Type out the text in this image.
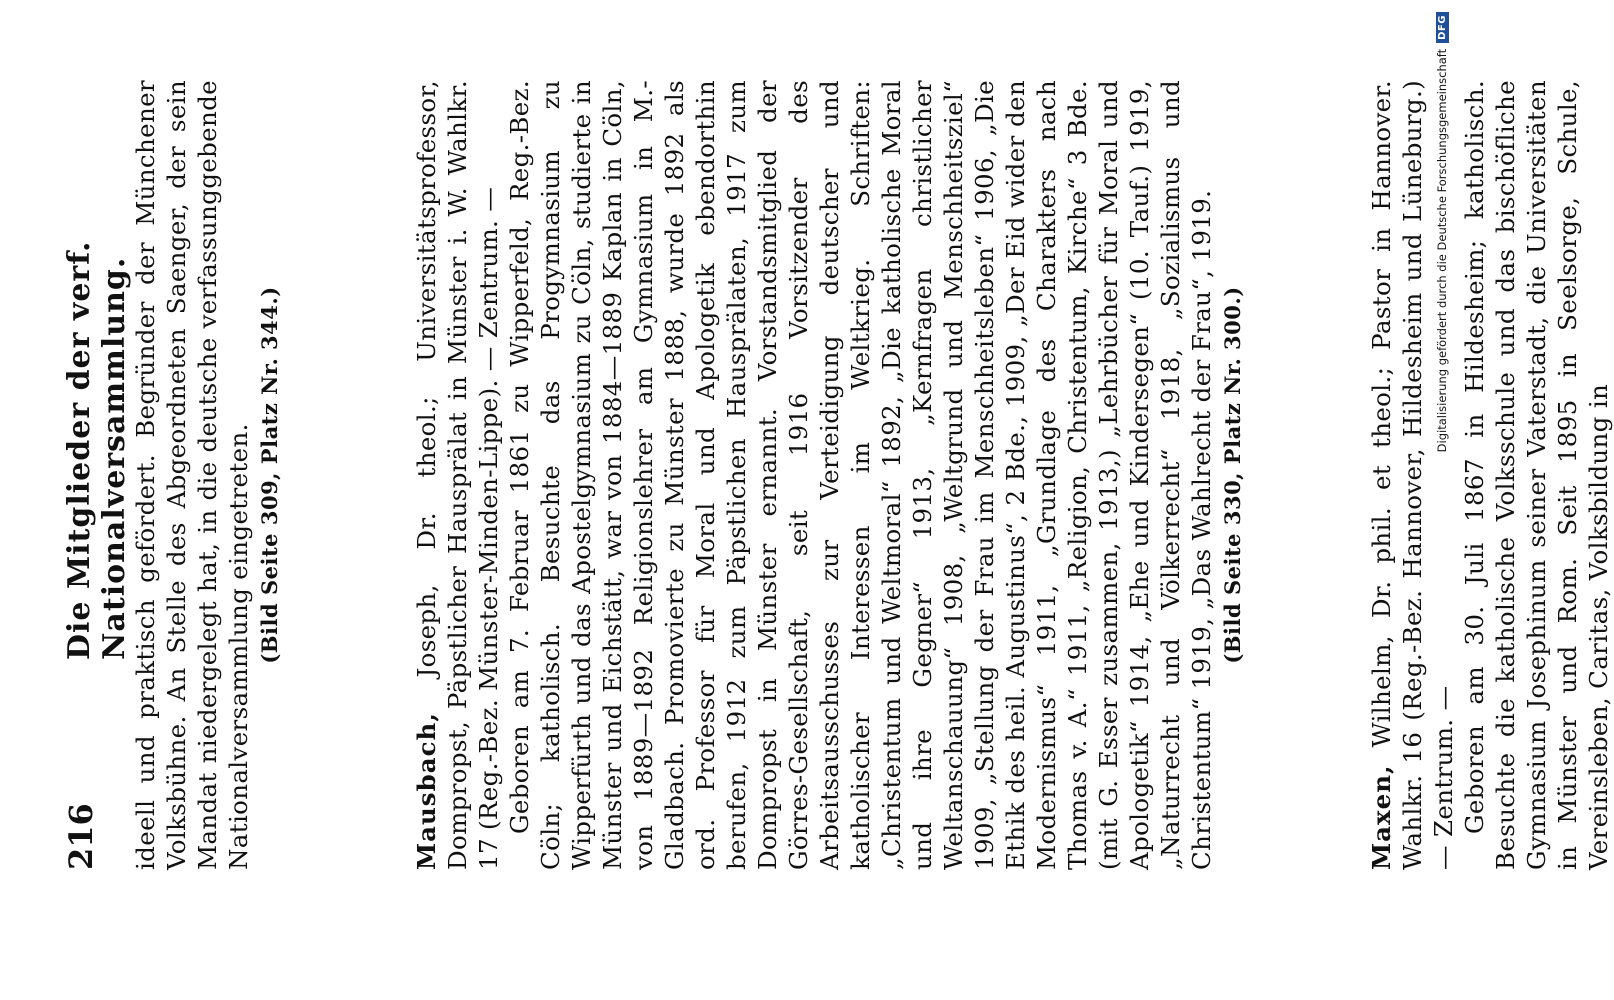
216
Die Mitglieder der verf. Nationalversammlung. ideell und praktisch gefördert. Begründer der Münchener Volksbühne. An Stelle des Abgeordneten Saenger, der sein Mandat niedergelegt hat, in die deutsche verfassunggebende Nationalversammlung eingetreten. (Bild Seite 309, Platz Nr. 344.)

Mausbach, Joseph, Dr. theol.; Universitätsprofessor, Dompropst, Päpstlicher Hausprälat in Münster i. W. Wahlkr. 17 (Reg.-Bez. Münster-Minden-Lippe). — Zentrum. — Geboren am 7. Februar 1861 zu Wipperfeld, Reg.-Bez. Cöln; katholisch. Besuchte das Progymnasium zu Wipperfürth und das Apostelgymnasium zu Cöln, studierte in Münster und Eichstätt, war von 1884—1889 Kaplan in Cöln, von 1889—1892 Religionslehrer am Gymnasium in M.-Gladbach. Promovierte zu Münster 1888, wurde 1892 als ord. Professor für Moral und Apologetik ebendorthin berufen, 1912 zum Päpstlichen Hausprälaten, 1917 zum Dompropst in Münster ernannt. Vorstandsmitglied der Görres-Gesellschaft, seit 1916 Vorsitzender des Arbeitsausschusses zur Verteidigung deutscher und katholischer Interessen im Weltkrieg. Schriften: „Christentum und Weltmoral“ 1892, „Die katholische Moral und ihre Gegner“ 1913, „Kernfragen christlicher Weltanschauung“ 1908, „Weltgrund und Menschheitsziel“ 1909, „Stellung der Frau im Menschheitsleben“ 1906, „Die Ethik des heil. Augustinus“, 2 Bde., 1909, „Der Eid wider den Modernismus“ 1911, „Grundlage des Charakters nach Thomas v. A.“ 1911, „Religion, Christentum, Kirche“ 3 Bde. (mit G. Esser zusammen, 1913,) „Lehrbücher für Moral und Apologetik“ 1914, „Ehe und Kindersegen“ (10. Tauf.) 1919, „Naturrecht und Völkerrecht“ 1918, „Sozialismus und Christentum“ 1919, „Das Wahlrecht der Frau“, 1919. (Bild Seite 330, Platz Nr. 300.)

Maxen, Wilhelm, Dr. phil. et theol.; Pastor in Hannover. Wahlkr. 16 (Reg.-Bez. Hannover, Hildesheim und Lüneburg.) — Zentrum. — Geboren am 30. Juli 1867 in Hildesheim; katholisch. Besuchte die katholische Volksschule und das bischöfliche Gymnasium Josephinum seiner Vaterstadt, die Universitäten in Münster und Rom. Seit 1895 in Seelsorge, Schule, Vereinsleben, Caritas, Volksbildung in

Digitalisierung gefördert durch die Deutsche Forschungsgemeinschaft
DFG
